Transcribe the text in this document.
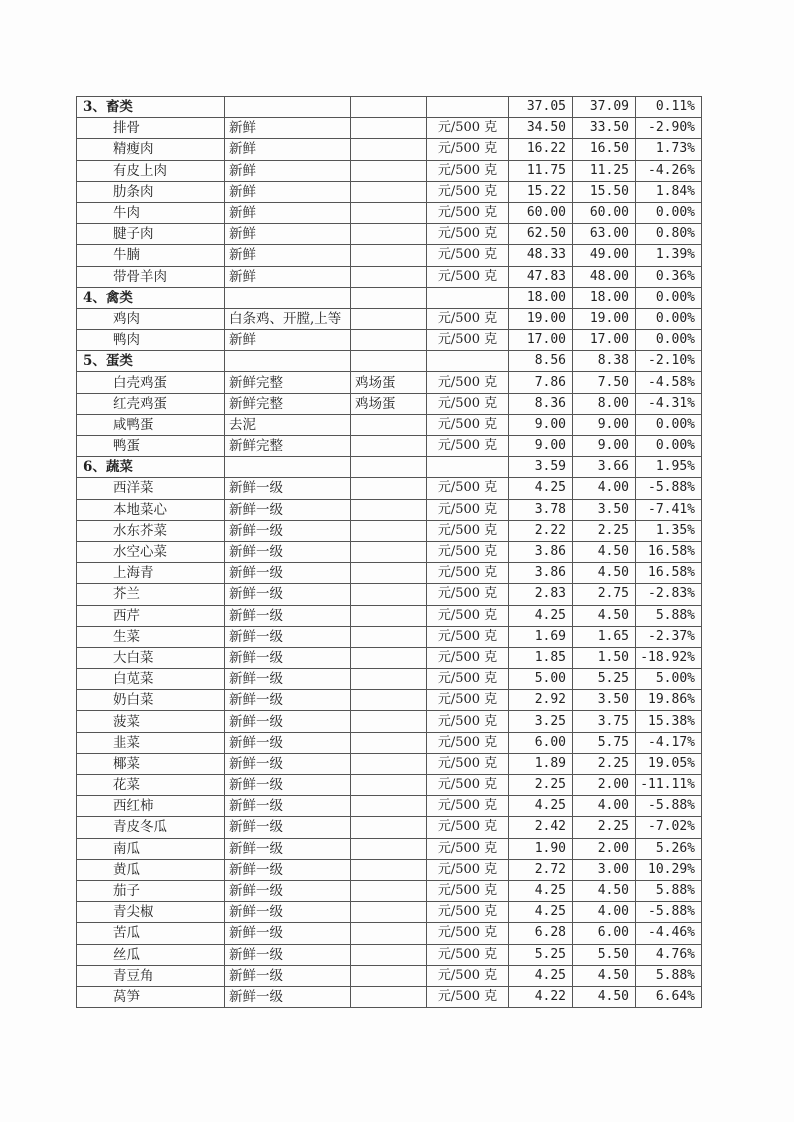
3、畜类				37.05	37.09	0.11%
排骨	新鲜		元/500 克	34.50	33.50	-2.90%
精瘦肉	新鲜		元/500 克	16.22	16.50	1.73%
有皮上肉	新鲜		元/500 克	11.75	11.25	-4.26%
肋条肉	新鲜		元/500 克	15.22	15.50	1.84%
牛肉	新鲜		元/500 克	60.00	60.00	0.00%
腱子肉	新鲜		元/500 克	62.50	63.00	0.80%
牛腩	新鲜		元/500 克	48.33	49.00	1.39%
带骨羊肉	新鲜		元/500 克	47.83	48.00	0.36%
4、禽类				18.00	18.00	0.00%
鸡肉	白条鸡、开膛,上等		元/500 克	19.00	19.00	0.00%
鸭肉	新鲜		元/500 克	17.00	17.00	0.00%
5、蛋类				8.56	8.38	-2.10%
白壳鸡蛋	新鲜完整	鸡场蛋	元/500 克	7.86	7.50	-4.58%
红壳鸡蛋	新鲜完整	鸡场蛋	元/500 克	8.36	8.00	-4.31%
咸鸭蛋	去泥		元/500 克	9.00	9.00	0.00%
鸭蛋	新鲜完整		元/500 克	9.00	9.00	0.00%
6、蔬菜				3.59	3.66	1.95%
西洋菜	新鲜一级		元/500 克	4.25	4.00	-5.88%
本地菜心	新鲜一级		元/500 克	3.78	3.50	-7.41%
水东芥菜	新鲜一级		元/500 克	2.22	2.25	1.35%
水空心菜	新鲜一级		元/500 克	3.86	4.50	16.58%
上海青	新鲜一级		元/500 克	3.86	4.50	16.58%
芥兰	新鲜一级		元/500 克	2.83	2.75	-2.83%
西芹	新鲜一级		元/500 克	4.25	4.50	5.88%
生菜	新鲜一级		元/500 克	1.69	1.65	-2.37%
大白菜	新鲜一级		元/500 克	1.85	1.50	-18.92%
白苋菜	新鲜一级		元/500 克	5.00	5.25	5.00%
奶白菜	新鲜一级		元/500 克	2.92	3.50	19.86%
菠菜	新鲜一级		元/500 克	3.25	3.75	15.38%
韭菜	新鲜一级		元/500 克	6.00	5.75	-4.17%
椰菜	新鲜一级		元/500 克	1.89	2.25	19.05%
花菜	新鲜一级		元/500 克	2.25	2.00	-11.11%
西红柿	新鲜一级		元/500 克	4.25	4.00	-5.88%
青皮冬瓜	新鲜一级		元/500 克	2.42	2.25	-7.02%
南瓜	新鲜一级		元/500 克	1.90	2.00	5.26%
黄瓜	新鲜一级		元/500 克	2.72	3.00	10.29%
茄子	新鲜一级		元/500 克	4.25	4.50	5.88%
青尖椒	新鲜一级		元/500 克	4.25	4.00	-5.88%
苦瓜	新鲜一级		元/500 克	6.28	6.00	-4.46%
丝瓜	新鲜一级		元/500 克	5.25	5.50	4.76%
青豆角	新鲜一级		元/500 克	4.25	4.50	5.88%
莴笋	新鲜一级		元/500 克	4.22	4.50	6.64%
